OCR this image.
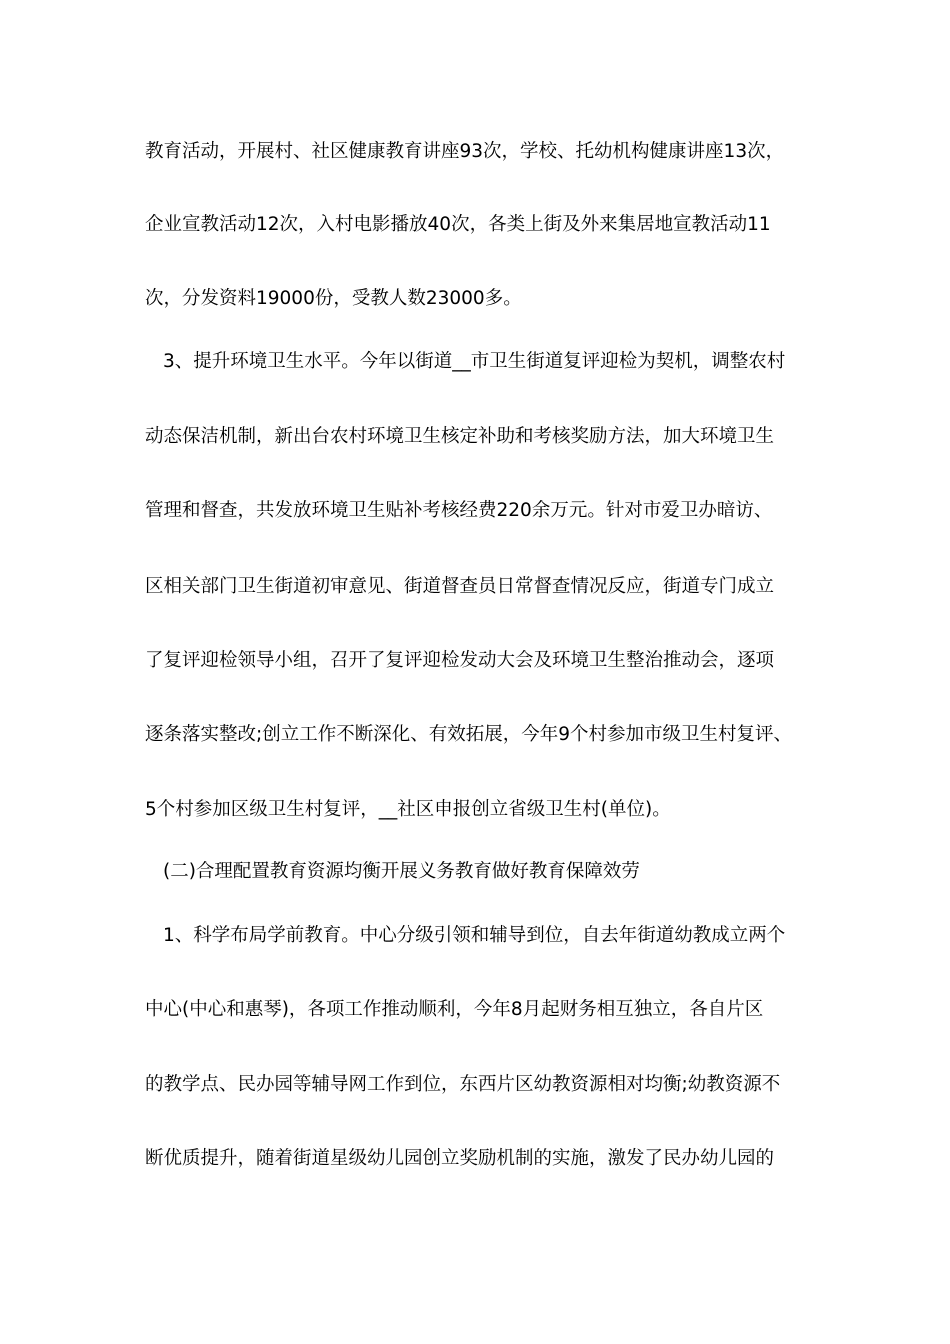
教育活动，开展村、社区健康教育讲座93次，学校、托幼机构健康讲座13次，
企业宣教活动12次，入村电影播放40次，各类上街及外来集居地宣教活动11
次，分发资料19000份，受教人数23000多。
3、提升环境卫生水平。今年以街道__市卫生街道复评迎检为契机，调整农村
动态保洁机制，新出台农村环境卫生核定补助和考核奖励方法，加大环境卫生
管理和督查，共发放环境卫生贴补考核经费220余万元。针对市爱卫办暗访、
区相关部门卫生街道初审意见、街道督查员日常督查情况反应，街道专门成立
了复评迎检领导小组，召开了复评迎检发动大会及环境卫生整治推动会，逐项
逐条落实整改;创立工作不断深化、有效拓展，今年9个村参加市级卫生村复评、
5个村参加区级卫生村复评，__社区申报创立省级卫生村(单位)。
(二)合理配置教育资源均衡开展义务教育做好教育保障效劳
1、科学布局学前教育。中心分级引领和辅导到位，自去年街道幼教成立两个
中心(中心和惠琴)，各项工作推动顺利，今年8月起财务相互独立，各自片区
的教学点、民办园等辅导网工作到位，东西片区幼教资源相对均衡;幼教资源不
断优质提升，随着街道星级幼儿园创立奖励机制的实施，激发了民办幼儿园的
